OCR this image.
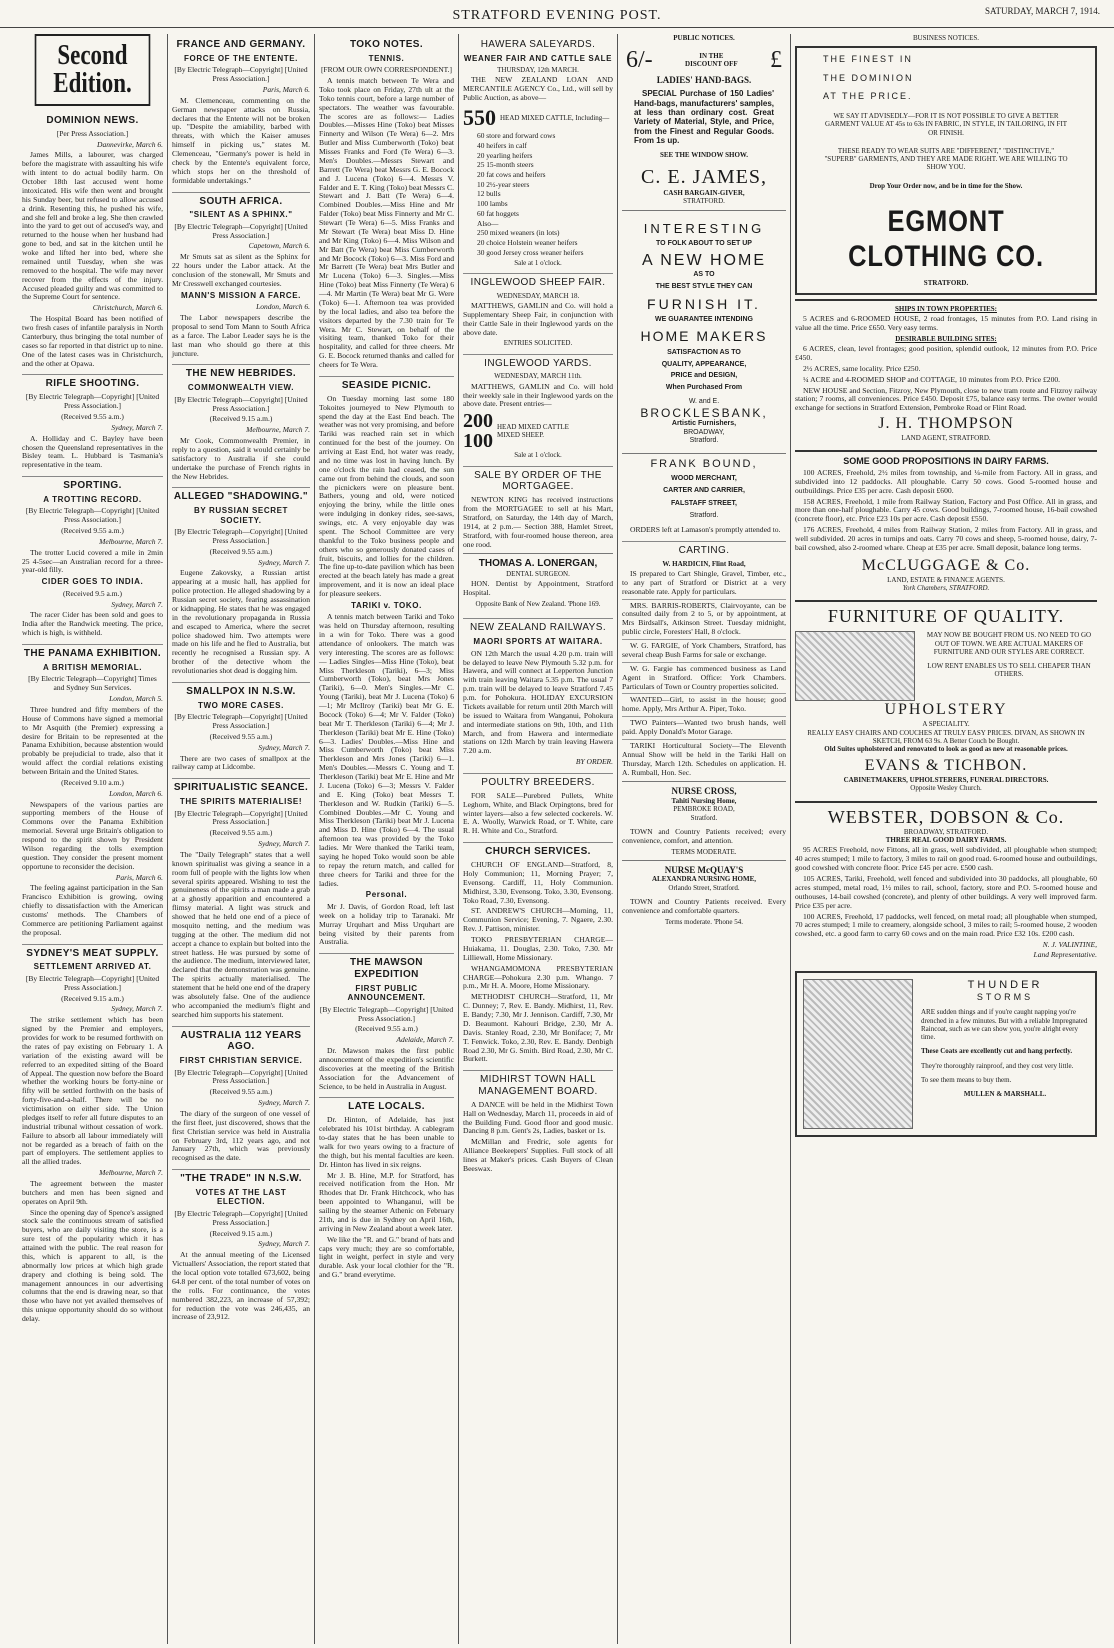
STRATFORD EVENING POST.	SATURDAY, MARCH 7, 1914.
Second Edition.
DOMINION NEWS.
[Per Press Association.]
Dannevirke, March 6.
James Mills, a labourer, was charged before the magistrate with assaulting his wife with intent to do actual bodily harm. On October 18th last accused went home intoxicated. His wife then went and brought his Sunday beer, but refused to allow accused a drink. Resenting this, he pushed his wife, and she fell and broke a leg. She then crawled into the yard to get out of accused's way, and returned to the house when her husband had gone to bed, and sat in the kitchen until he woke and lifted her into bed, where she remained until Tuesday, when she was removed to the hospital. The wife may never recover from the effects of the injury. Accused pleaded guilty and was committed to the Supreme Court for sentence.
Christchurch, March 6.
The Hospital Board has been notified of two fresh cases of infantile paralysis in North Canterbury, thus bringing the total number of cases so far reported in that district up to nine. One of the latest cases was in Christchurch, and the other at Opawa.
RIFLE SHOOTING.
[By Electric Telegraph—Copyright] [United Press Association.]
(Received 9.55 a.m.)
Sydney, March 7.
A. Holliday and C. Bayley have been chosen the Queensland representatives in the Bisley team. L. Hubbard is Tasmania's representative in the team.
SPORTING.
A TROTTING RECORD.
[By Electric Telegraph—Copyright] [United Press Association.]
(Received 9.55 a.m.)
Melbourne, March 7.
The trotter Lucid covered a mile in 2min 25 4-5sec—an Australian record for a three-year-old filly.
CIDER GOES TO INDIA.
(Received 9.5 a.m.)
Sydney, March 7.
The racer Cider has been sold and goes to India after the Randwick meeting. The price, which is high, is withheld.
THE PANAMA EXHIBITION.
A BRITISH MEMORIAL.
[By Electric Telegraph—Copyright] Times and Sydney Sun Services.
London, March 5.
Three hundred and fifty members of the House of Commons have signed a memorial to Mr Asquith (the Premier) expressing a desire for Britain to be represented at the Panama Exhibition, because abstention would probably be prejudicial to trade, also that it would affect the cordial relations existing between Britain and the United States.
(Received 9.10 a.m.)
London, March 6.
Newspapers of the various parties are supporting members of the House of Commons over the Panama Exhibition memorial. Several urge Britain's obligation to respond to the spirit shown by President Wilson regarding the tolls exemption question. They consider the present moment opportune to reconsider the decision.
Paris, March 6.
The feeling against participation in the San Francisco Exhibition is growing, owing chiefly to dissatisfaction with the American customs' methods. The Chambers of Commerce are petitioning Parliament against the proposal.
SYDNEY'S MEAT SUPPLY.
SETTLEMENT ARRIVED AT.
[By Electric Telegraph—Copyright] [United Press Association.]
(Received 9.15 a.m.)
Sydney, March 7.
The strike settlement which has been signed by the Premier and employers, provides for work to be resumed forthwith on the rates of pay existing on February 1. A variation of the existing award will be referred to an expedited sitting of the Board of Appeal. The question now before the Board whether the working hours be forty-nine or fifty will be settled forthwith on the basis of forty-five-and-a-half. There will be no victimisation on either side. The Union pledges itself to refer all future disputes to an industrial tribunal without cessation of work. Failure to absorb all labour immediately will not be regarded as a breach of faith on the part of employers. The settlement applies to all the allied trades.
Melbourne, March 7.
The agreement between the master butchers and men has been signed and operates on April 9th.
Since the opening day of Spence's assigned stock sale the continuous stream of satisfied buyers, who are daily visiting the store, is a sure test of the popularity which it has attained with the public. The real reason for this, which is apparent to all, is the abnormally low prices at which high grade drapery and clothing is being sold. The management announces in our advertising columns that the end is drawing near, so that those who have not yet availed themselves of this unique opportunity should do so without delay.
FRANCE AND GERMANY.
FORCE OF THE ENTENTE.
[By Electric Telegraph—Copyright] [United Press Association.]
Paris, March 6.
M. Clemenceau, commenting on the German newspaper attacks on Russia, declares that the Entente will not be broken up. "Despite the amiability, barbed with threats, with which the Kaiser amuses himself in picking us," states M. Clemenceau, "Germany's power is held in check by the Entente's equivalent force, which stops her on the threshold of formidable undertakings."
SOUTH AFRICA.
"SILENT AS A SPHINX."
[By Electric Telegraph—Copyright] [United Press Association.]
Capetown, March 6.
Mr Smuts sat as silent as the Sphinx for 22 hours under the Labor attack. At the conclusion of the stonewall, Mr Smuts and Mr Cresswell exchanged courtesies.
MANN'S MISSION A FARCE.
London, March 6.
The Labor newspapers describe the proposal to send Tom Mann to South Africa as a farce. The Labor Leader says he is the last man who should go there at this juncture.
THE NEW HEBRIDES.
COMMONWEALTH VIEW.
[By Electric Telegraph—Copyright] [United Press Association.]
(Received 9.15 a.m.)
Melbourne, March 7.
Mr Cook, Commonwealth Premier, in reply to a question, said it would certainly be satisfactory to Australia if she could undertake the purchase of French rights in the New Hebrides.
ALLEGED "SHADOWING."
BY RUSSIAN SECRET SOCIETY.
[By Electric Telegraph—Copyright] [United Press Association.]
(Received 9.55 a.m.)
Sydney, March 7.
Eugene Zakovsky, a Russian artist appearing at a music hall, has applied for police protection. He alleged shadowing by a Russian secret society, fearing assassination or kidnapping. He states that he was engaged in the revolutionary propaganda in Russia and escaped to America, where the secret police shadowed him. Two attempts were made on his life and he fled to Australia, but recently he recognised a Russian spy. A brother of the detective whom the revolutionaries shot dead is dogging him.
SMALLPOX IN N.S.W.
TWO MORE CASES.
[By Electric Telegraph—Copyright] [United Press Association.]
(Received 9.55 a.m.)
Sydney, March 7.
There are two cases of smallpox at the railway camp at Lidcombe.
SPIRITUALISTIC SEANCE.
THE SPIRITS MATERIALISE!
[By Electric Telegraph—Copyright] [United Press Association.]
(Received 9.55 a.m.)
Sydney, March 7.
The "Daily Telegraph" states that a well known spiritualist was giving a seance in a room full of people with the lights low when several spirits appeared. Wishing to test the genuineness of the spirits a man made a grab at a ghostly apparition and encountered a flimsy material. A light was struck and showed that he held one end of a piece of mosquito netting, and the medium was tugging at the other. The medium did not accept a chance to explain but bolted into the street hatless. He was pursued by some of the audience. The medium, interviewed later, declared that the demonstration was genuine. The spirits actually materialised. The statement that he held one end of the drapery was absolutely false. One of the audience who accompanied the medium's flight and searched him supports his statement.
AUSTRALIA 112 YEARS AGO.
FIRST CHRISTIAN SERVICE.
[By Electric Telegraph—Copyright] [United Press Association.]
(Received 9.55 a.m.)
Sydney, March 7.
The diary of the surgeon of one vessel of the first fleet, just discovered, shows that the first Christian service was held in Australia on February 3rd, 112 years ago, and not January 27th, which was previously recognised as the date.
"THE TRADE" IN N.S.W.
VOTES AT THE LAST ELECTION.
[By Electric Telegraph—Copyright] [United Press Association.]
(Received 9.15 a.m.)
Sydney, March 7.
At the annual meeting of the Licensed Victuallers' Association, the report stated that the local option vote totalled 673,602, being 64.8 per cent. of the total number of votes on the rolls. For continuance, the votes numbered 382,223, an increase of 57,392; for reduction the vote was 246,435, an increase of 23,912.
TOKO NOTES.
TENNIS.
[FROM OUR OWN CORRESPONDENT.]
A tennis match between Te Wera and Toko took place on Friday, 27th ult at the Toko tennis court, before a large number of spectators. The weather was favourable. The scores are as follows:— Ladies Doubles.—Misses Hine (Toko) beat Misses Finnerty and Wilson (Te Wera) 6—2. Mrs Butler and Miss Cumberworth (Toko) beat Misses Franks and Ford (Te Wera) 6—3. Men's Doubles.—Messrs Stewart and Barrett (Te Wera) beat Messrs G. E. Bocock and J. Lucena (Toko) 6—4. Messrs V. Falder and E. T. King (Toko) beat Messrs C. Stewart and J. Batt (Te Wera) 6—4. Combined Doubles.—Miss Hine and Mr Falder (Toko) beat Miss Finnerty and Mr C. Stewart (Te Wera) 6—5. Miss Franks and Mr Stewart (Te Wera) beat Miss D. Hine and Mr King (Toko) 6—4. Miss Wilson and Mr Batt (Te Wera) beat Miss Cumberworth and Mr Bocock (Toko) 6—3. Miss Ford and Mr Barrett (Te Wera) beat Mrs Butler and Mr Lucena (Toko) 6—3. Singles.—Miss Hine (Toko) beat Miss Finnerty (Te Wera) 6—4. Mr Martin (Te Wera) beat Mr G. Were (Toko) 6—1. Afternoon tea was provided by the local ladies, and also tea before the visitors departed by the 7.30 train for Te Wera. Mr C. Stewart, on behalf of the visiting team, thanked Toko for their hospitality, and called for three cheers. Mr G. E. Bocock returned thanks and called for cheers for Te Wera.
SEASIDE PICNIC.
On Tuesday morning last some 180 Tokoites journeyed to New Plymouth to spend the day at the East End beach. The weather was not very promising, and before Tariki was reached rain set in which continued for the best of the journey. On arriving at East End, hot water was ready, and no time was lost in having lunch. By one o'clock the rain had ceased, the sun came out from behind the clouds, and soon the picnickers were on pleasure bent. Bathers, young and old, were noticed enjoying the briny, while the little ones were indulging in donkey rides, see-saws, swings, etc. A very enjoyable day was spent. The School Committee are very thankful to the Toko business people and others who so generously donated cases of fruit, biscuits, and lollies for the children. The fine up-to-date pavilion which has been erected at the beach lately has made a great improvement, and it is now an ideal place for pleasure seekers.
TARIKI v. TOKO.
A tennis match between Tariki and Toko was held on Thursday afternoon, resulting in a win for Toko. There was a good attendance of onlookers. The match was very interesting. The scores are as follows:— Ladies Singles—Miss Hine (Toko), beat Miss Therkleson (Tariki), 6—3; Miss Cumberworth (Toko), beat Mrs Jones (Tariki), 6—0. Men's Singles.—Mr C. Young (Tariki), beat Mr J. Lucena (Toko) 6—1; Mr McIlroy (Tariki) beat Mr G. E. Bocock (Toko) 6—4; Mr V. Falder (Toko) beat Mr T. Therkleson (Tariki) 6—4; Mr J. Therkleson (Tariki) beat Mr E. Hine (Toko) 6—3. Ladies' Doubles.—Miss Hine and Miss Cumberworth (Toko) beat Miss Therkleson and Mrs Jones (Tariki) 6—1. Men's Doubles.—Messrs C. Young and T. Therkleson (Tariki) beat Mr E. Hine and Mr J. Lucena (Toko) 6—3; Messrs V. Falder and E. King (Toko) beat Messrs T. Therkleson and W. Rudkin (Tariki) 6—5. Combined Doubles.—Mr C. Young and Miss Therkleson (Tariki) beat Mr J. Lucena and Miss D. Hine (Toko) 6—4. The usual afternoon tea was provided by the Toko ladies. Mr Were thanked the Tariki team, saying he hoped Toko would soon be able to repay the return match, and called for three cheers for Tariki and three for the ladies.
Personal.
Mr J. Davis, of Gordon Road, left last week on a holiday trip to Taranaki. Mr Murray Urquhart and Miss Urquhart are being visited by their parents from Australia.
THE MAWSON EXPEDITION
FIRST PUBLIC ANNOUNCEMENT.
[By Electric Telegraph—Copyright] [United Press Association.]
(Received 9.55 a.m.)
Adelaide, March 7.
Dr. Mawson makes the first public announcement of the expedition's scientific discoveries at the meeting of the British Association for the Advancement of Science, to be held in Australia in August.
LATE LOCALS.
Dr. Hinton, of Adelaide, has just celebrated his 101st birthday. A cablegram to-day states that he has been unable to walk for two years owing to a fracture of the thigh, but his mental faculties are keen. Dr. Hinton has lived in six reigns.
Mr J. B. Hine, M.P. for Stratford, has received notification from the Hon. Mr Rhodes that Dr. Frank Hitchcock, who has been appointed to Whanganui, will be sailing by the steamer Athenic on February 21th, and is due in Sydney on April 16th, arriving in New Zealand about a week later.
We like the "R. and G." brand of hats and caps very much; they are so comfortable, light in weight, perfect in style and very durable. Ask your local clothier for the "R. and G." brand everytime.
HAWERA SALEYARDS.
WEANER FAIR AND CATTLE SALE
THURSDAY, 12th MARCH.
THE NEW ZEALAND LOAN AND MERCANTILE AGENCY Co., Ltd., will sell by Public Auction, as above—
550 HEAD MIXED CATTLE, Including—
60 store and forward cows
40 heifers in calf
20 yearling heifers
25 15-month steers
20 fat cows and heifers
10 2½-year steers
12 bulls
100 lambs
60 fat hoggets
Also—
250 mixed weaners (in lots)
20 choice Holstein weaner heifers
30 good Jersey cross weaner heifers
Sale at 1 o'clock.
INGLEWOOD SHEEP FAIR.
WEDNESDAY, MARCH 18.
MATTHEWS, GAMLIN and Co. will hold a Supplementary Sheep Fair, in conjunction with their Cattle Sale in their Inglewood yards on the above date.
ENTRIES SOLICITED.
INGLEWOOD YARDS.
WEDNESDAY, MARCH 11th.
MATTHEWS, GAMLIN and Co. will hold their weekly sale in their Inglewood yards on the above date. Present entries—
200
100
HEAD MIXED CATTLE
MIXED SHEEP.
Sale at 1 o'clock.
SALE BY ORDER OF THE MORTGAGEE.
NEWTON KING has received instructions from the MORTGAGEE to sell at his Mart, Stratford, on Saturday, the 14th day of March, 1914, at 2 p.m.— Section 388, Hamlet Street, Stratford, with four-roomed house thereon, area one rood.
THOMAS A. LONERGAN,
DENTAL SURGEON.
HON. Dentist by Appointment, Stratford Hospital.
Opposite Bank of New Zealand. 'Phone 169.
NEW ZEALAND RAILWAYS.
MAORI SPORTS AT WAITARA.
ON 12th March the usual 4.20 p.m. train will be delayed to leave New Plymouth 5.32 p.m. for Hawera, and will connect at Lepperton Junction with train leaving Waitara 5.35 p.m. The usual 7 p.m. train will be delayed to leave Stratford 7.45 p.m. for Pohokura. HOLIDAY EXCURSION Tickets available for return until 20th March will be issued to Waitara from Wanganui, Pohokura and intermediate stations on 9th, 10th, and 11th March, and from Hawera and intermediate stations on 12th March by train leaving Hawera 7.20 a.m.
BY ORDER.
POULTRY BREEDERS.
FOR SALE—Purebred Pullets, White Leghorn, White, and Black Orpingtons, bred for winter layers—also a few selected cockerels. W. E. A. Woolly, Warwick Road, or T. White, care R. H. White and Co., Stratford.
CHURCH SERVICES.
CHURCH OF ENGLAND—Stratford, 8, Holy Communion; 11, Morning Prayer; 7, Evensong. Cardiff, 11, Holy Communion. Midhirst, 3.30, Evensong. Toko, 3.30, Evensong. Toko Road, 7.30, Evensong.
ST. ANDREW'S CHURCH—Morning, 11, Communion Service; Evening, 7. Ngaere, 2.30. Rev. J. Pattison, minister.
TOKO PRESBYTERIAN CHARGE—Huiakama, 11. Douglas, 2.30. Toko, 7.30. Mr Lilliewall, Home Missionary.
WHANGAMOMONA PRESBYTERIAN CHARGE—Pohokura 2.30 p.m. Whango. 7 p.m., Mr H. A. Moore, Home Missionary.
METHODIST CHURCH—Stratford, 11, Mr C. Dunney; 7, Rev. E. Bandy. Midhirst, 11, Rev. E. Bandy; 7.30, Mr J. Jennison. Cardiff, 7.30, Mr D. Beaumont. Kahouri Bridge, 2.30, Mr A. Davis. Stanley Road, 2.30, Mr Boniface; 7, Mr T. Fenwick. Toko, 2.30, Rev. E. Bandy. Denbigh Road 2.30, Mr G. Smith. Bird Road, 2.30, Mr C. Burkett.
MIDHIRST TOWN HALL MANAGEMENT BOARD.
A DANCE will be held in the Midhirst Town Hall on Wednesday, March 11, proceeds in aid of the Building Fund. Good floor and good music. Dancing 8 p.m. Gent's 2s, Ladies, basket or 1s.
McMillan and Fredric, sole agents for Alliance Beekeepers' Supplies. Full stock of all lines at Maker's prices. Cash Buyers of Clean Beeswax.
PUBLIC NOTICES.
6/-	IN THE
DISCOUNT OFF £
LADIES' HAND-BAGS.
SPECIAL Purchase of 150 Ladies' Hand-bags, manufacturers' samples, at less than ordinary cost. Great Variety of Material, Style, and Price, from the Finest and Regular Goods. From 1s up.
SEE THE WINDOW SHOW.
C. E. JAMES,
CASH BARGAIN-GIVER,
STRATFORD.
INTERESTING
TO FOLK ABOUT TO SET UP
A NEW HOME
AS TO
THE BEST STYLE THEY CAN
FURNISH IT.
WE GUARANTEE INTENDING
HOME MAKERS
SATISFACTION AS TO
QUALITY, APPEARANCE,
PRICE and DESIGN,
When Purchased From
W. and E.
BROCKLESBANK,
Artistic Furnishers,
BROADWAY,
Stratford.
FRANK BOUND,
WOOD MERCHANT,
CARTER AND CARRIER,
FALSTAFF STREET,
Stratford.
ORDERS left at Lamason's promptly attended to.
CARTING.
W. HARDICIN, Flint Road,
IS prepared to Cart Shingle, Gravel, Timber, etc., to any part of Stratford or District at a very reasonable rate. Apply for particulars.
MRS. BARRIS-ROBERTS, Clairvoyante, can be consulted daily from 2 to 5, or by appointment, at Mrs Birdsall's, Atkinson Street. Tuesday midnight, public circle, Foresters' Hall, 8 o'clock.
W. G. FARGIE, of York Chambers, Stratford, has several cheap Bush Farms for sale or exchange.
W. G. Fargie has commenced business as Land Agent in Stratford. Office: York Chambers. Particulars of Town or Country properties solicited.
WANTED—Girl, to assist in the house; good home. Apply, Mrs Arthur A. Piper, Toko.
TWO Painters—Wanted two brush hands, well paid. Apply Donald's Motor Garage.
TARIKI Horticultural Society—The Eleventh Annual Show will be held in the Tariki Hall on Thursday, March 12th. Schedules on application. H. A. Rumball, Hon. Sec.
NURSE CROSS,
Tahiti Nursing Home,
PEMBROKE ROAD,
Stratford.
TOWN and Country Patients received; every convenience, comfort, and attention.
TERMS MODERATE.
NURSE McQUAY'S
ALEXANDRA NURSING HOME,
Orlando Street, Stratford.
TOWN and Country Patients received. Every convenience and comfortable quarters.
Terms moderate. 'Phone 54.
BUSINESS NOTICES.
THE FINEST IN
THE DOMINION
AT THE PRICE.
WE SAY IT ADVISEDLY—FOR IT IS NOT POSSIBLE TO GIVE A BETTER GARMENT VALUE AT 45s to 63s IN FABRIC, IN STYLE, IN TAILORING, IN FIT OR FINISH.
THESE READY TO WEAR SUITS ARE "DIFFERENT," "DISTINCTIVE," "SUPERB" GARMENTS, AND THEY ARE MADE RIGHT. WE ARE WILLING TO SHOW YOU.
Drop Your Order now, and be in time for the Show.
EGMONT CLOTHING CO.
STRATFORD.
SHIPS IN TOWN PROPERTIES:
5 ACRES and 6-ROOMED HOUSE, 2 road frontages, 15 minutes from P.O. Land rising in value all the time. Price £650. Very easy terms.
DESIRABLE BUILDING SITES:
6 ACRES, clean, level frontages; good position, splendid outlook, 12 minutes from P.O. Price £450.
2½ ACRES, same locality. Price £250.
¼ ACRE and 4-ROOMED SHOP and COTTAGE, 10 minutes from P.O. Price £200.
NEW HOUSE and Section, Fitzroy, New Plymouth, close to new tram route and Fitzroy railway station; 7 rooms, all conveniences. Price £450. Deposit £75, balance easy terms. The owner would exchange for sections in Stratford Extension, Pembroke Road or Flint Road.
J. H. THOMPSON
LAND AGENT, STRATFORD.
SOME GOOD PROPOSITIONS IN DAIRY FARMS.
100 ACRES, Freehold, 2½ miles from township, and ¼-mile from Factory. All in grass, and subdivided into 12 paddocks. All ploughable. Carry 50 cows. Good 5-roomed house and outbuildings. Price £35 per acre. Cash deposit £600.
158 ACRES, Freehold, 1 mile from Railway Station, Factory and Post Office. All in grass, and more than one-half ploughable. Carry 45 cows. Good buildings, 7-roomed house, 16-bail cowshed (concrete floor), etc. Price £23 10s per acre. Cash deposit £550.
176 ACRES, Freehold, 4 miles from Railway Station, 2 miles from Factory. All in grass, and well subdivided. 20 acres in turnips and oats. Carry 70 cows and sheep, 5-roomed house, dairy, 7-bail cowshed, also 2-roomed whare. Cheap at £35 per acre. Small deposit, balance long terms.
McCLUGGAGE & Co.
LAND, ESTATE & FINANCE AGENTS.
York Chambers, STRATFORD.
FURNITURE OF QUALITY.
MAY NOW BE BOUGHT FROM US. NO NEED TO GO OUT OF TOWN. WE ARE ACTUAL MAKERS OF FURNITURE AND OUR STYLES ARE CORRECT.
LOW RENT ENABLES US TO SELL CHEAPER THAN OTHERS.
UPHOLSTERY
A SPECIALITY.
REALLY EASY CHAIRS AND COUCHES AT TRULY EASY PRICES. DIVAN, AS SHOWN IN SKETCH, FROM 63 9s. A Better Couch be Bought.
Old Suites upholstered and renovated to look as good as new at reasonable prices.
EVANS & TICHBON.
CABINETMAKERS, UPHOLSTERERS, FUNERAL DIRECTORS.
Opposite Wesley Church.
WEBSTER, DOBSON & Co.
BROADWAY, STRATFORD.
THREE REAL GOOD DAIRY FARMS.
95 ACRES Freehold, now Fittons, all in grass, well subdivided, all ploughable when stumped; 40 acres stumped; 1 mile to factory, 3 miles to rail on good road. 6-roomed house and outbuildings, good cowshed with concrete floor. Price £45 per acre. £500 cash.
105 ACRES, Tariki, Freehold, well fenced and subdivided into 30 paddocks, all ploughable, 60 acres stumped, metal road, 1½ miles to rail, school, factory, store and P.O. 5-roomed house and outhouses, 14-bail cowshed (concrete), and plenty of other buildings. A very well improved farm. Price £35 per acre.
100 ACRES, Freehold, 17 paddocks, well fenced, on metal road; all ploughable when stumped, 70 acres stumped; 1 mile to creamery, alongside school, 3 miles to rail; 5-roomed house, 2 wooden cowshed, etc. a good farm to carry 60 cows and on the main road. Price £32 10s. £200 cash.
N. J. VALINTINE,
Land Representative.
THUNDER
STORMS
ARE sudden things and if you're caught napping you're drenched in a few minutes. But with a reliable Impregnated Raincoat, such as we can show you, you're alright every time.
These Coats are excellently cut and hang perfectly.
They're thoroughly rainproof, and they cost very little.
To see them means to buy them.
MULLEN & MARSHALL.
